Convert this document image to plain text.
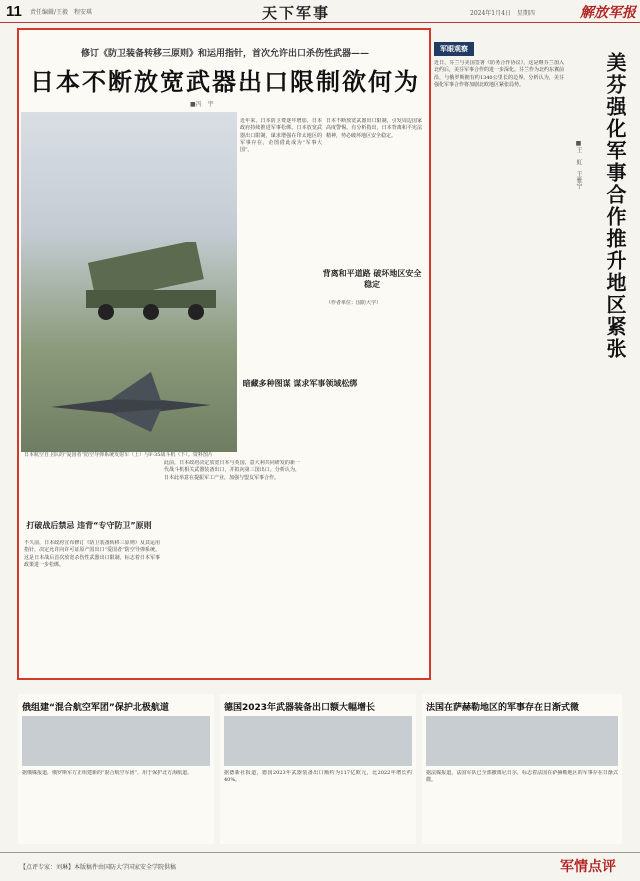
11 责任编辑/王毅　程安琪	天下军事	2024年1月4日　星期四	解放军报
修订《防卫装备转移三原则》和运用指针，首次允许出口杀伤性武器——
日本不断放宽武器出口限制欲何为
■冯　宇
日本航空自卫队的“爱国者”防空导弹系统发射车（上）与F-35战斗机（下）。资料图片
打破战后禁忌 违背“专守防卫”原则
不久前，日本政府宣布修订《防卫装备转移三原则》及其运用指针，决定允许向许可证原产国出口“爱国者”防空导弹系统。这是日本战后首次放宽杀伤性武器出口限制，标志着日本军事政策进一步松绑。
此前，日本政府决定放宽日本与英国、意大利共同研发的新一代战斗机相关武器装备出口，并拟向第三国出口。分析认为，日本此举意在提振军工产业，加强与盟友军事合作。
暗藏多种图谋 谋求军事领域松绑
近年来，日本防卫费逐年增加，日本政府持续推进军事松绑。日本放宽武器出口限制，谋求增强在印太地区的军事存在，企图借此成为“军事大国”。
背离和平道路 破坏地区安全稳定
日本不断放宽武器出口限制，引发周边国家高度警惕。有分析指出，日本背离和平宪法精神，势必破坏地区安全稳定。
（作者单位：国防大学）
军眼观察
美芬强化军事合作推升地区紧张
■王　虹　王雅宁
近日，芬兰与美国签署《防务合作协议》，这是继芬兰加入北约后，美芬军事合作的进一步深化。芬兰作为北约东翼前沿，与俄罗斯拥有约1340公里长的边界。分析认为，美芬强化军事合作将加剧北欧地区紧张局势。
俄组建“混合航空军团”保护北极航道
据俄媒报道，俄罗斯军方正组建新的“混合航空军团”，用于保护北方海航道。
德国2023年武器装备出口额大幅增长
据德新社报道，德国2023年武器装备出口额约为117亿欧元，比2022年增长约40%。
法国在萨赫勒地区的军事存在日渐式微
据法媒报道，法国军队已全部撤离尼日尔，标志着法国在萨赫勒地区的军事存在日渐式微。
【点评专家：刘琳】本版稿件由国防大学国家安全学院供稿	军情点评
